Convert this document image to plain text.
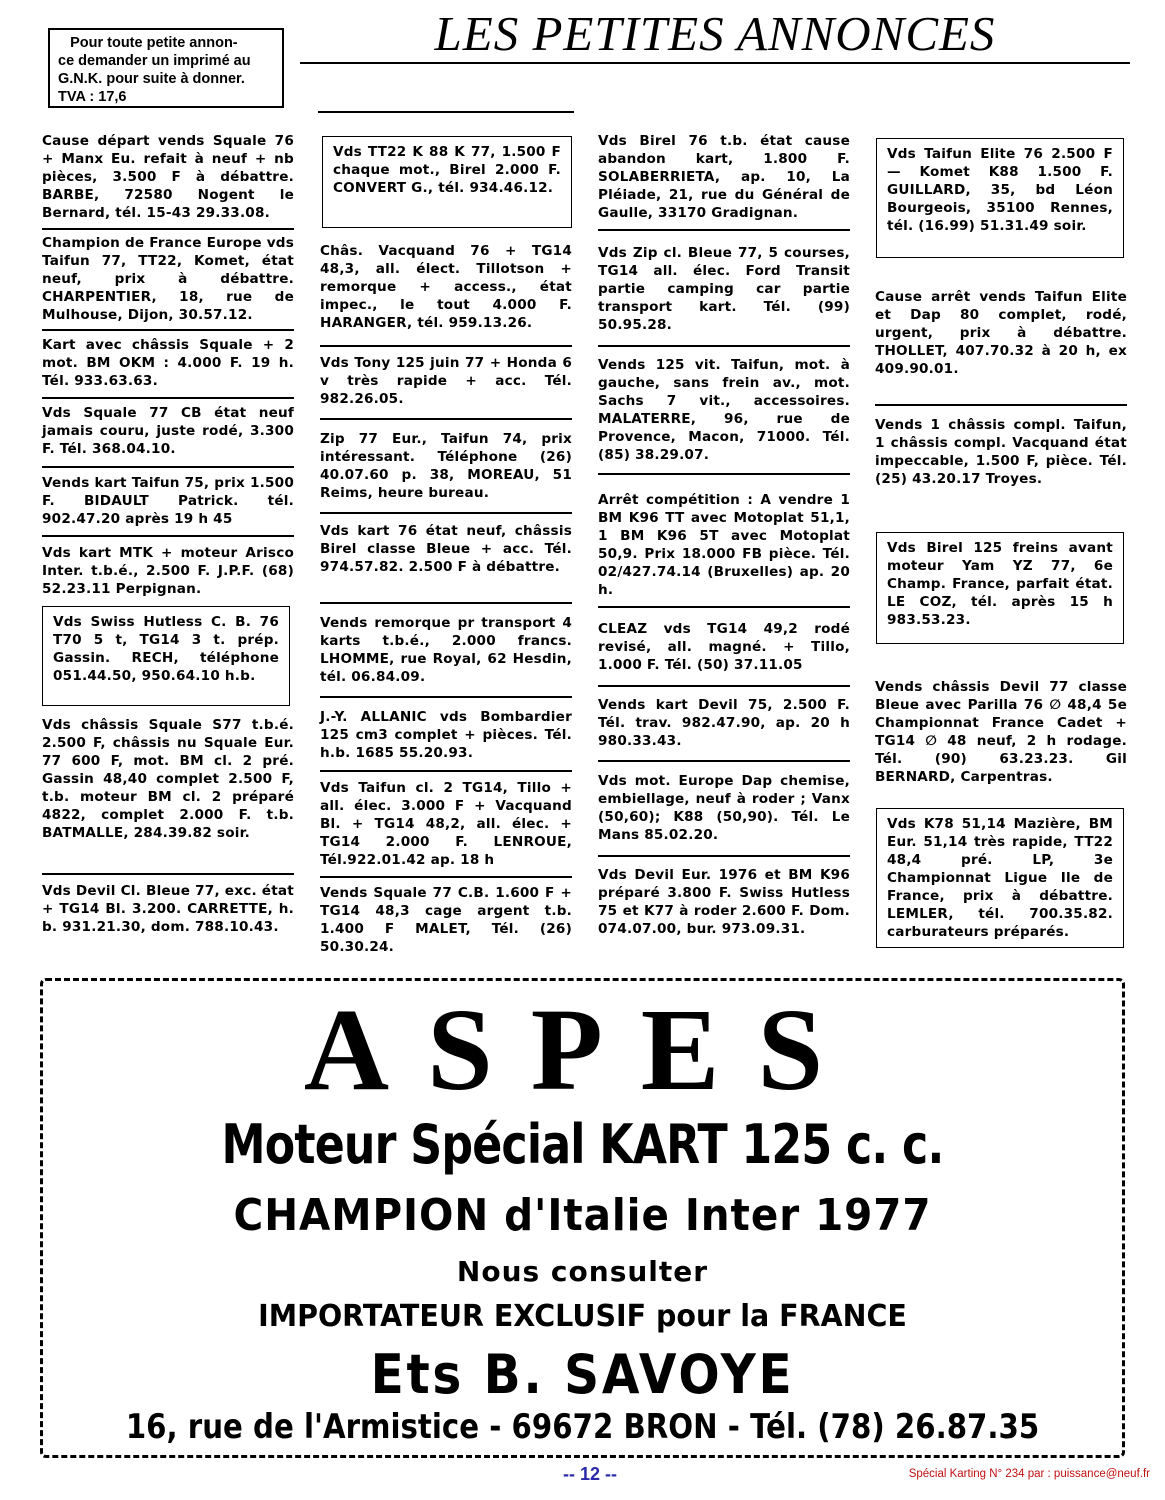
Pour toute petite annon-
ce demander un imprimé au
G.N.K. pour suite à donner.
TVA : 17,6
LES PETITES ANNONCES
Cause départ vends Squale 76 + Manx Eu. refait à neuf + nb pièces, 3.500 F à débattre. BARBE, 72580 Nogent le Bernard, tél. 15-43 29.33.08.
Champion de France Europe vds Taifun 77, TT22, Komet, état neuf, prix à débattre. CHARPENTIER, 18, rue de Mulhouse, Dijon, 30.57.12.
Kart avec châssis Squale + 2 mot. BM OKM : 4.000 F. 19 h. Tél. 933.63.63.
Vds Squale 77 CB état neuf jamais couru, juste rodé, 3.300 F. Tél. 368.04.10.
Vends kart Taifun 75, prix 1.500 F. BIDAULT Patrick. tél. 902.47.20 après 19 h 45
Vds kart MTK + moteur Arisco Inter. t.b.é., 2.500 F. J.P.F. (68) 52.23.11 Perpignan.
Vds Swiss Hutless C. B. 76 T70 5 t, TG14 3 t. prép. Gassin. RECH, téléphone 051.44.50, 950.64.10 h.b.
Vds châssis Squale S77 t.b.é. 2.500 F, châssis nu Squale Eur. 77 600 F, mot. BM cl. 2 pré. Gassin 48,40 complet 2.500 F, t.b. moteur BM cl. 2 préparé 4822, complet 2.000 F. t.b. BATMALLE, 284.39.82 soir.
Vds Devil Cl. Bleue 77, exc. état + TG14 Bl. 3.200. CARRETTE, h. b. 931.21.30, dom. 788.10.43.
Vds TT22 K 88 K 77, 1.500 F chaque mot., Birel 2.000 F. CONVERT G., tél. 934.46.12.
Châs. Vacquand 76 + TG14 48,3, all. élect. Tillotson + remorque + access., état impec., le tout 4.000 F. HARANGER, tél. 959.13.26.
Vds Tony 125 juin 77 + Honda 6 v très rapide + acc. Tél. 982.26.05.
Zip 77 Eur., Taifun 74, prix intéressant. Téléphone (26) 40.07.60 p. 38, MOREAU, 51 Reims, heure bureau.
Vds kart 76 état neuf, châssis Birel classe Bleue + acc. Tél. 974.57.82. 2.500 F à débattre.
Vends remorque pr transport 4 karts t.b.é., 2.000 francs. LHOMME, rue Royal, 62 Hesdin, tél. 06.84.09.
J.-Y. ALLANIC vds Bombardier 125 cm3 complet + pièces. Tél. h.b. 1685 55.20.93.
Vds Taifun cl. 2 TG14, Tillo + all. élec. 3.000 F + Vacquand Bl. + TG14 48,2, all. élec. + TG14 2.000 F. LENROUE, Tél.922.01.42 ap. 18 h
Vends Squale 77 C.B. 1.600 F + TG14 48,3 cage argent t.b. 1.400 F MALET, Tél. (26) 50.30.24.
Vds Birel 76 t.b. état cause abandon kart, 1.800 F. SOLABERRIETA, ap. 10, La Pléiade, 21, rue du Général de Gaulle, 33170 Gradignan.
Vds Zip cl. Bleue 77, 5 courses, TG14 all. élec. Ford Transit partie camping car partie transport kart. Tél. (99) 50.95.28.
Vends 125 vit. Taifun, mot. à gauche, sans frein av., mot. Sachs 7 vit., accessoires. MALATERRE, 96, rue de Provence, Macon, 71000. Tél. (85) 38.29.07.
Arrêt compétition : A vendre 1 BM K96 TT avec Motoplat 51,1, 1 BM K96 5T avec Motoplat 50,9. Prix 18.000 FB pièce. Tél. 02/427.74.14 (Bruxelles) ap. 20 h.
CLEAZ vds TG14 49,2 rodé revisé, all. magné. + Tillo, 1.000 F. Tél. (50) 37.11.05
Vends kart Devil 75, 2.500 F. Tél. trav. 982.47.90, ap. 20 h 980.33.43.
Vds mot. Europe Dap chemise, embiellage, neuf à roder ; Vanx (50,60); K88 (50,90). Tél. Le Mans 85.02.20.
Vds Devil Eur. 1976 et BM K96 préparé 3.800 F. Swiss Hutless 75 et K77 à roder 2.600 F. Dom. 074.07.00, bur. 973.09.31.
Vds Taifun Elite 76 2.500 F — Komet K88 1.500 F. GUILLARD, 35, bd Léon Bourgeois, 35100 Rennes, tél. (16.99) 51.31.49 soir.
Cause arrêt vends Taifun Elite et Dap 80 complet, rodé, urgent, prix à débattre. THOLLET, 407.70.32 à 20 h, ex 409.90.01.
Vends 1 châssis compl. Taifun, 1 châssis compl. Vacquand état impeccable, 1.500 F, pièce. Tél. (25) 43.20.17 Troyes.
Vds Birel 125 freins avant moteur Yam YZ 77, 6e Champ. France, parfait état. LE COZ, tél. après 15 h 983.53.23.
Vends châssis Devil 77 classe Bleue avec Parilla 76 ∅ 48,4 5e Championnat France Cadet + TG14 ∅ 48 neuf, 2 h rodage. Tél. (90) 63.23.23. Gil BERNARD, Carpentras.
Vds K78 51,14 Mazière, BM Eur. 51,14 très rapide, TT22 48,4 pré. LP, 3e Championnat Ligue Ile de France, prix à débattre. LEMLER, tél. 700.35.82. carburateurs préparés.
ASPES
Moteur Spécial KART 125 c. c.
CHAMPION d'Italie Inter 1977
Nous consulter
IMPORTATEUR EXCLUSIF pour la FRANCE
Ets B. SAVOYE
16, rue de l'Armistice - 69672 BRON - Tél. (78) 26.87.35
-- 12 --	Spécial Karting N° 234 par : puissance@neuf.fr
